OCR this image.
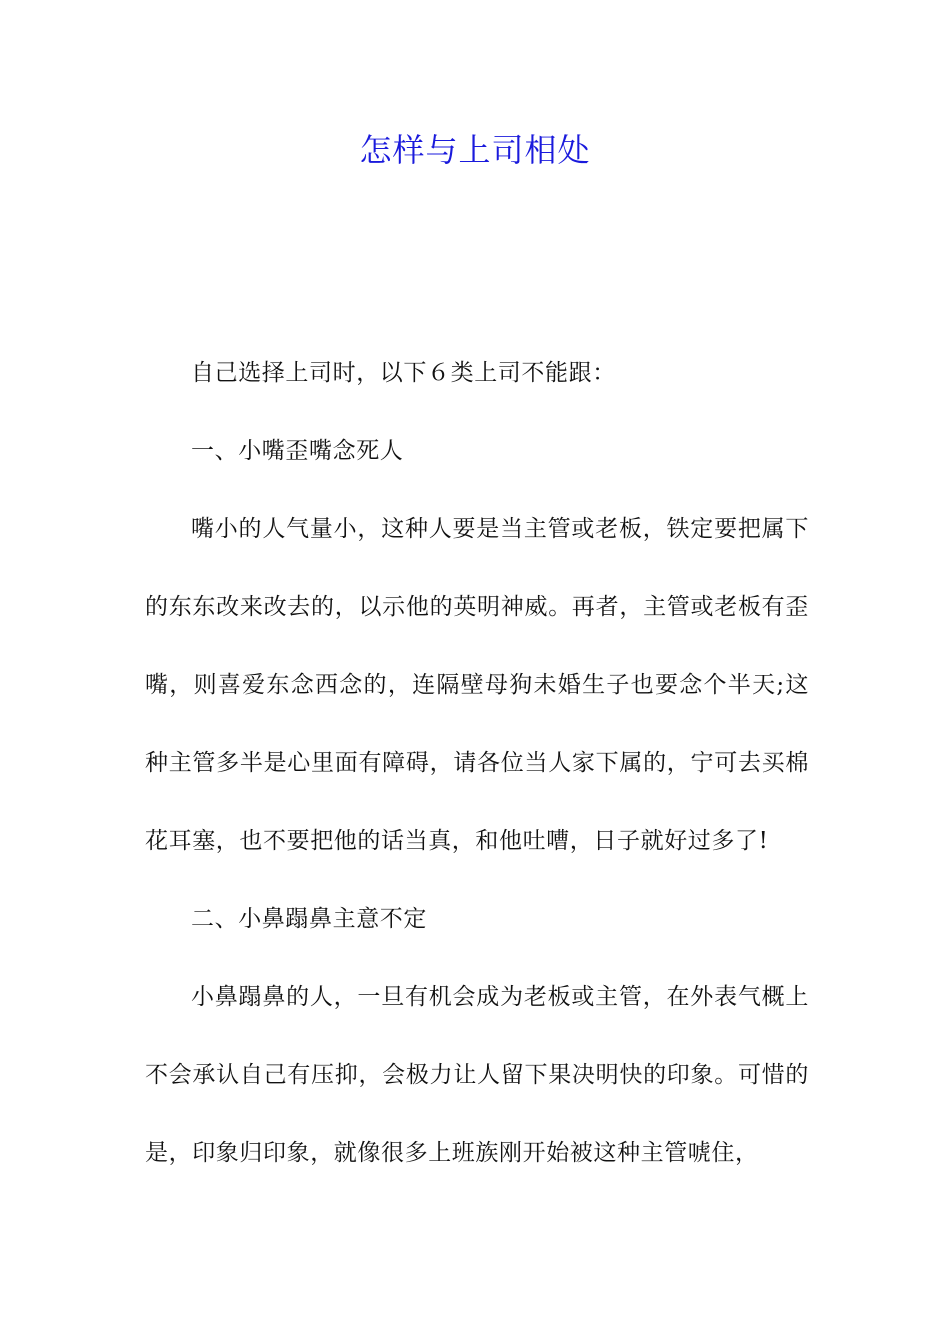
怎样与上司相处

自己选择上司时，以下６类上司不能跟：

一、小嘴歪嘴念死人

嘴小的人气量小，这种人要是当主管或老板，铁定要把属下的东东改来改去的，以示他的英明神威。再者，主管或老板有歪嘴，则喜爱东念西念的，连隔壁母狗未婚生子也要念个半天;这种主管多半是心里面有障碍，请各位当人家下属的，宁可去买棉花耳塞，也不要把他的话当真，和他吐嘈，日子就好过多了!

二、小鼻蹋鼻主意不定

小鼻蹋鼻的人，一旦有机会成为老板或主管，在外表气概上不会承认自己有压抑，会极力让人留下果决明快的印象。可惜的是，印象归印象，就像很多上班族刚开始被这种主管唬住，
